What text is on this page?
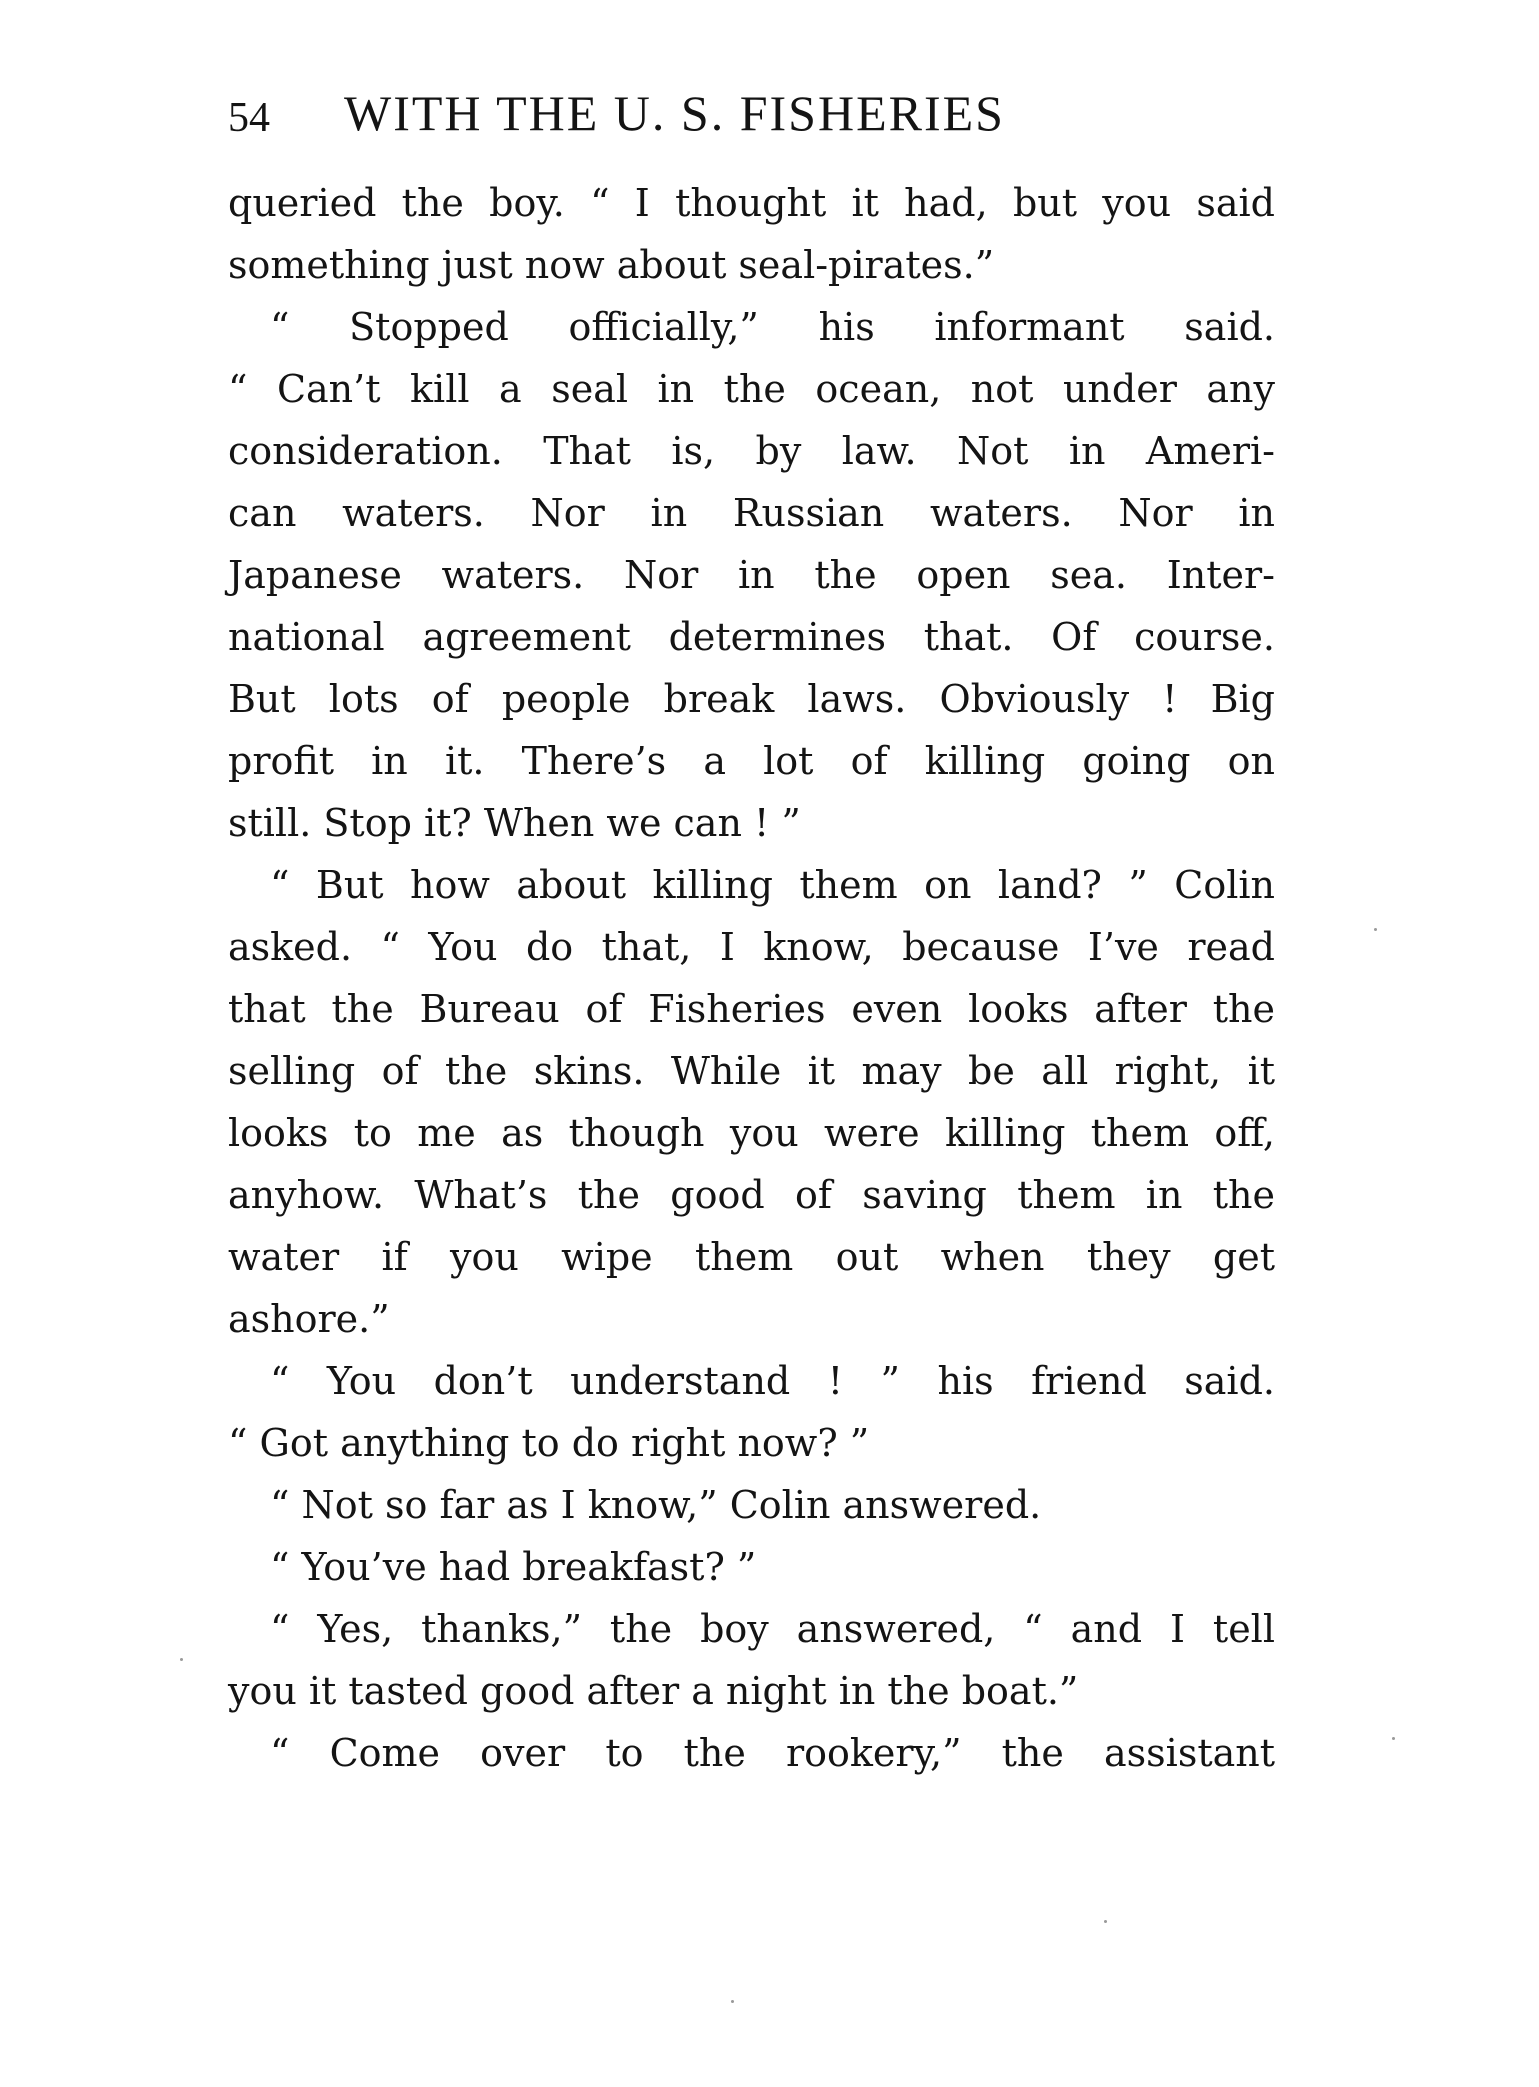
54 WITH THE U. S. FISHERIES
queried the boy. “ I thought it had, but you said
something just now about seal-pirates.”
“ Stopped officially,” his informant said.
“ Can’t kill a seal in the ocean, not under any
consideration. That is, by law. Not in Ameri-
can waters. Nor in Russian waters. Nor in
Japanese waters. Nor in the open sea. Inter-
national agreement determines that. Of course.
But lots of people break laws. Obviously ! Big
profit in it. There’s a lot of killing going on
still. Stop it? When we can ! ”
“ But how about killing them on land? ” Colin
asked. “ You do that, I know, because I’ve read
that the Bureau of Fisheries even looks after the
selling of the skins. While it may be all right, it
looks to me as though you were killing them off,
anyhow. What’s the good of saving them in the
water if you wipe them out when they get
ashore.”
“ You don’t understand ! ” his friend said.
“ Got anything to do right now? ”
“ Not so far as I know,” Colin answered.
“ You’ve had breakfast? ”
“ Yes, thanks,” the boy answered, “ and I tell
you it tasted good after a night in the boat.”
“ Come over to the rookery,” the assistant
